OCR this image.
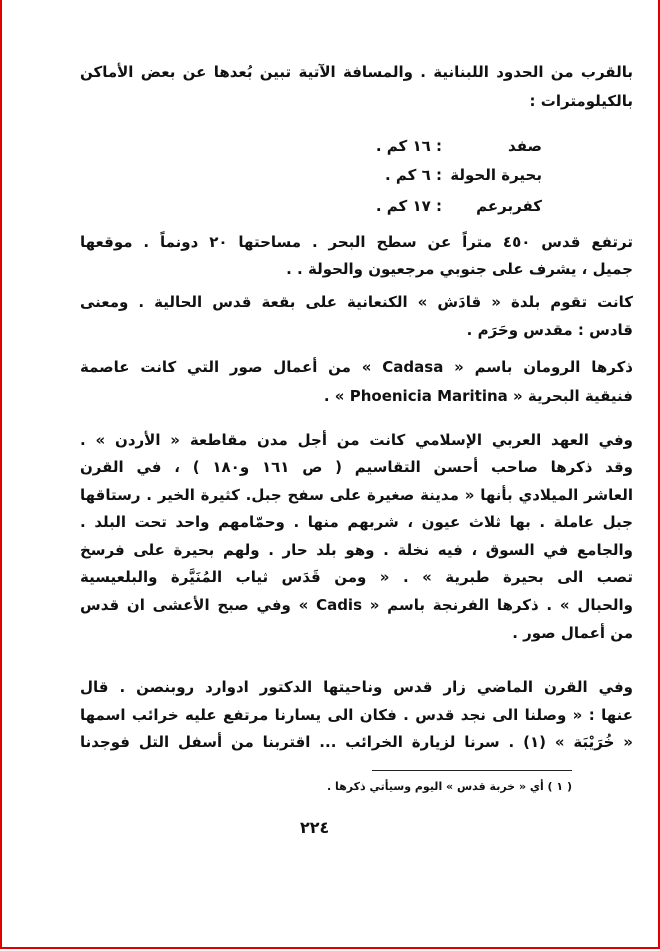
بالقرب من الحدود اللبنانية . والمسافة الآتية تبين بُعدها عن بعض الأماكن
بالكيلومترات :
صفد
: ١٦ كم .
بحيرة الحولة
: ٦ كم .
كفربرعم
: ١٧ كم .
ترتفع قدس ٤٥٠ متراً عن سطح البحر . مساحتها ٢٠ دونماً . موقعها
جميل ، يشرف على جنوبي مرجعيون والحولة . .
كانت تقوم بلدة « قادَش » الكنعانية على بقعة قدس الحالية . ومعنى
قادس : مقدس وحَرَم .
ذكرها الرومان باسم « Cadasa » من أعمال صور التي كانت عاصمة
فنيقية البحرية « Phoenicia Maritina » .
وفي العهد العربي الإسلامي كانت من أجل مدن مقاطعة « الأردن » .
وقد ذكرها صاحب أحسن التقاسيم ( ص ١٦١ و١٨٠ ) ، في القرن
العاشر الميلادي بأنها « مدينة صغيرة على سفح جبل. كثيرة الخير . رستاقها
جبل عاملة . بها ثلاث عيون ، شربهم منها . وحمّامهم واحد تحت البلد .
والجامع في السوق ، فيه نخلة . وهو بلد حار . ولهم بحيرة على فرسخ
تصب الى بحيرة طبرية » . « ومن قَدَس ثياب المُنَيَّرة والبلعيسية
والحبال » . ذكرها الفرنجة باسم « Cadis » وفي صبح الأعشى ان قدس
من أعمال صور .
وفي القرن الماضي زار قدس وناحيتها الدكتور ادوارد روبنصن . قال
عنها : « وصلنا الى نجد قدس . فكان الى يسارنا مرتفع عليه خرائب اسمها
« خُرَيْبَة » (١) . سرنا لزيارة الخرائب ... اقتربنا من أسفل التل فوجدنا
( ١ ) أي « خربة قدس » اليوم وسيأتي ذكرها .
٢٢٤
